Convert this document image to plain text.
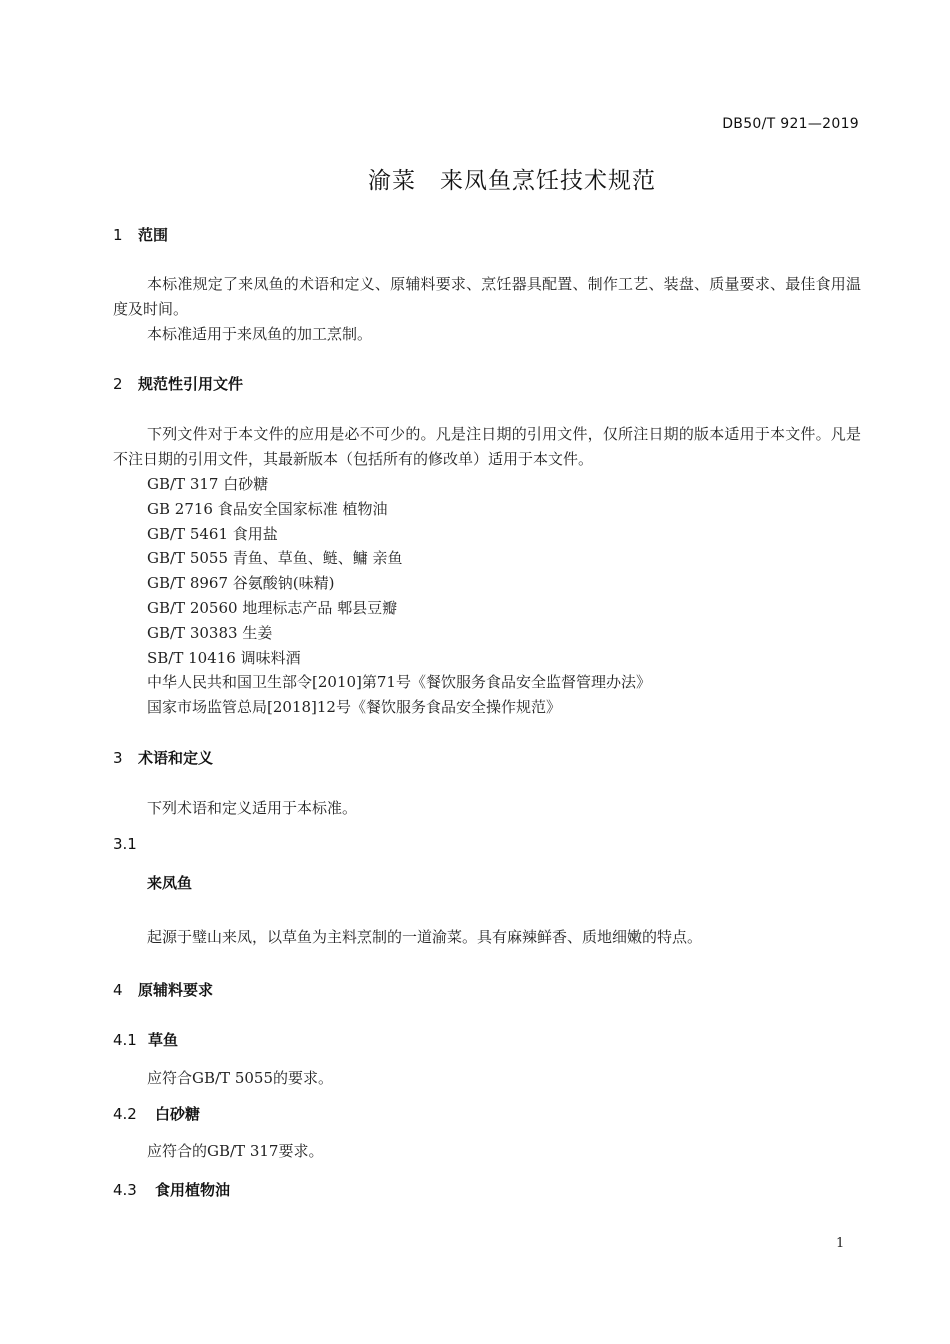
DB50/T 921—2019
渝菜 来凤鱼烹饪技术规范
1 范围
本标准规定了来凤鱼的术语和定义、原辅料要求、烹饪器具配置、制作工艺、装盘、质量要求、最佳食用温度及时间。
本标准适用于来凤鱼的加工烹制。
2 规范性引用文件
下列文件对于本文件的应用是必不可少的。凡是注日期的引用文件，仅所注日期的版本适用于本文件。凡是不注日期的引用文件，其最新版本（包括所有的修改单）适用于本文件。
GB/T 317 白砂糖
GB 2716 食品安全国家标准 植物油
GB/T 5461 食用盐
GB/T 5055 青鱼、草鱼、鲢、鳙 亲鱼
GB/T 8967 谷氨酸钠(味精)
GB/T 20560 地理标志产品 郫县豆瓣
GB/T 30383 生姜
SB/T 10416 调味料酒
中华人民共和国卫生部令[2010]第71号《餐饮服务食品安全监督管理办法》
国家市场监管总局[2018]12号《餐饮服务食品安全操作规范》
3 术语和定义
下列术语和定义适用于本标准。
3.1
来凤鱼
起源于璧山来凤，以草鱼为主料烹制的一道渝菜。具有麻辣鲜香、质地细嫩的特点。
4 原辅料要求
4.1 草鱼
应符合GB/T 5055的要求。
4.2 白砂糖
应符合的GB/T 317要求。
4.3 食用植物油
1
